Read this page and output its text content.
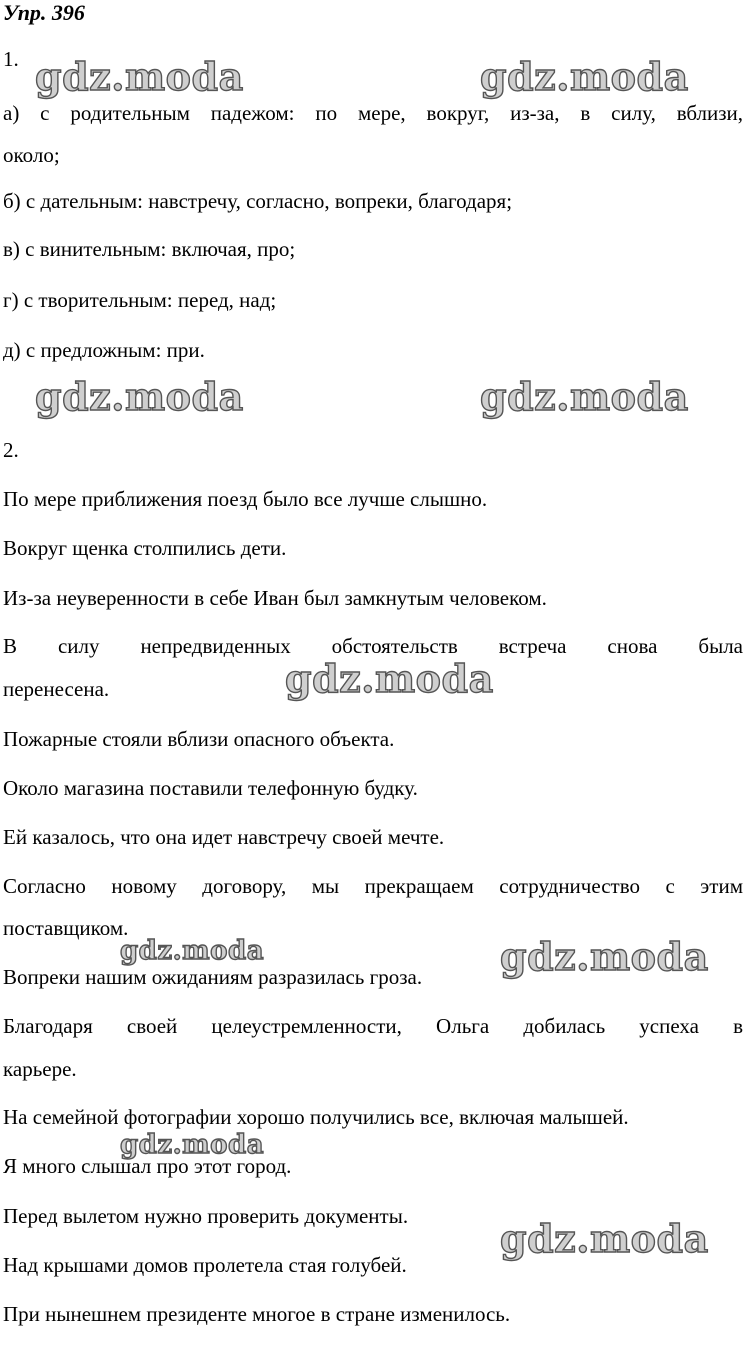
Упр. 396
1.
а) с родительным падежом: по мере, вокруг, из-за, в силу, вблизи,
около;
б) с дательным: навстречу, согласно, вопреки, благодаря;
в) с винительным: включая, про;
г) с творительным: перед, над;
д) с предложным: при.
2.
По мере приближения поезд было все лучше слышно.
Вокруг щенка столпились дети.
Из-за неуверенности в себе Иван был замкнутым человеком.
В силу непредвиденных обстоятельств встреча снова была
перенесена.
Пожарные стояли вблизи опасного объекта.
Около магазина поставили телефонную будку.
Ей казалось, что она идет навстречу своей мечте.
Согласно новому договору, мы прекращаем сотрудничество с этим
поставщиком.
Вопреки нашим ожиданиям разразилась гроза.
Благодаря своей целеустремленности, Ольга добилась успеха в
карьере.
На семейной фотографии хорошо получились все, включая малышей.
Я много слышал про этот город.
Перед вылетом нужно проверить документы.
Над крышами домов пролетела стая голубей.
При нынешнем президенте многое в стране изменилось.
gdz.moda	gdz.moda
gdz.moda	gdz.moda
gdz.moda
gdz.moda	gdz.moda
gdz.moda
gdz.moda
